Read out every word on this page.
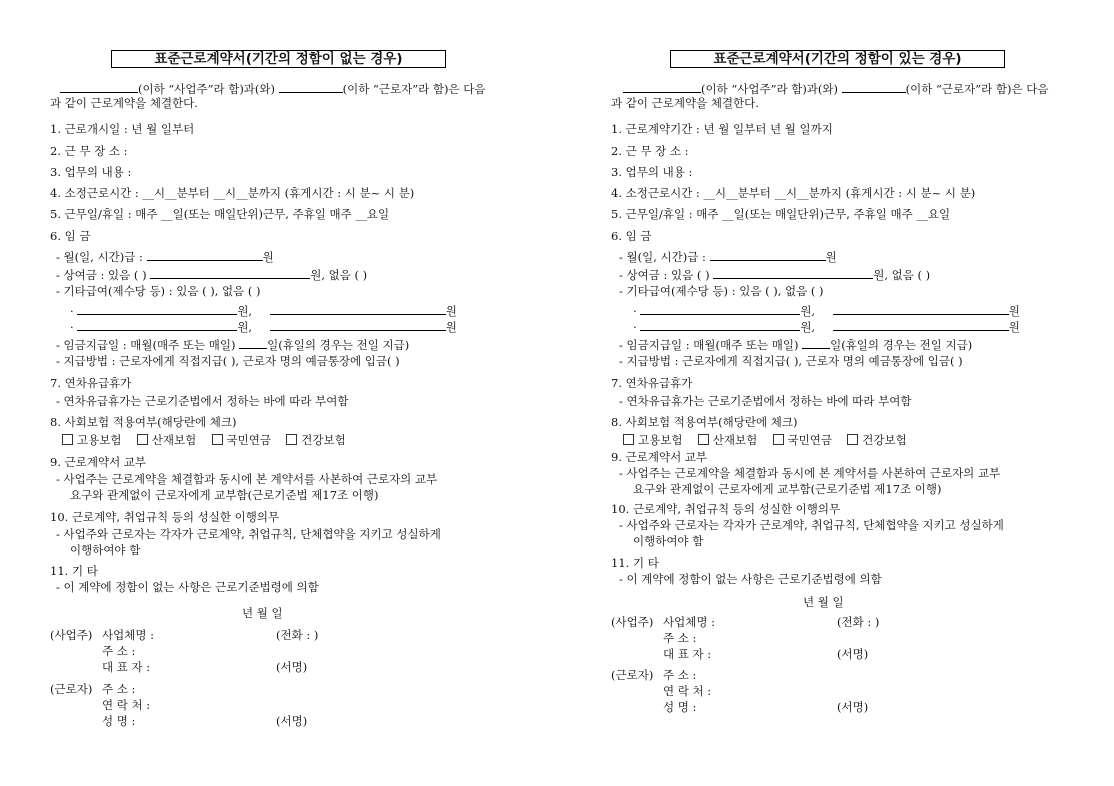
표준근로계약서(기간의 정함이 없는 경우)
(이하 “사업주”라 함)과(와)	(이하 “근로자”라 함)은 다음
과 같이 근로계약을 체결한다.
1. 근로개시일 : 년 월 일부터
2. 근 무 장 소 :
3. 업무의 내용 :
4. 소정근로시간 : __시__분부터 __시__분까지 (휴게시간 : 시 분~ 시 분)
5. 근무일/휴일 : 매주 __일(또는 매일단위)근무, 주휴일 매주 __요일
6. 임 금
- 월(일, 시간)급 :	원
- 상여금 : 있음 ( )	원, 없음 ( )
- 기타급여(제수당 등) : 있음 ( ), 없음 ( )
·	원,	원
·	원,	원
- 임금지급일 : 매월(매주 또는 매일)	일(휴일의 경우는 전일 지급)
- 지급방법 : 근로자에게 직접지급( ), 근로자 명의 예금통장에 입금( )
7. 연차유급휴가
- 연차유급휴가는 근로기준법에서 정하는 바에 따라 부여함
8. 사회보험 적용여부(해당란에 체크)
고용보험	산재보험	국민연금	건강보험
9. 근로계약서 교부
- 사업주는 근로계약을 체결함과 동시에 본 계약서를 사본하여 근로자의 교부
요구와 관계없이 근로자에게 교부함(근로기준법 제17조 이행)
10. 근로계약, 취업규칙 등의 성실한 이행의무
- 사업주와 근로자는 각자가 근로계약, 취업규칙, 단체협약을 지키고 성실하게
이행하여야 함
11. 기 타
- 이 계약에 정함이 없는 사항은 근로기준법령에 의함
년 월 일
(사업주) 사업체명 :	(전화 : )
주 소 :
대 표 자 :	(서명)
(근로자) 주 소 :
연 락 처 :
성 명 :	(서명)
표준근로계약서(기간의 정함이 있는 경우)
(이하 “사업주”라 함)과(와)	(이하 “근로자”라 함)은 다음
과 같이 근로계약을 체결한다.
1. 근로계약기간 : 년 월 일부터 년 월 일까지
2. 근 무 장 소 :
3. 업무의 내용 :
4. 소정근로시간 : __시__분부터 __시__분까지 (휴게시간 : 시 분~ 시 분)
5. 근무일/휴일 : 매주 __일(또는 매일단위)근무, 주휴일 매주 __요일
6. 임 금
- 월(일, 시간)급 :	원
- 상여금 : 있음 ( )	원, 없음 ( )
- 기타급여(제수당 등) : 있음 ( ), 없음 ( )
·	원,	원
·	원,	원
- 임금지급일 : 매월(매주 또는 매일)	일(휴일의 경우는 전일 지급)
- 지급방법 : 근로자에게 직접지급( ), 근로자 명의 예금통장에 입금( )
7. 연차유급휴가
- 연차유급휴가는 근로기준법에서 정하는 바에 따라 부여함
8. 사회보험 적용여부(해당란에 체크)
고용보험	산재보험	국민연금	건강보험
9. 근로계약서 교부
- 사업주는 근로계약을 체결함과 동시에 본 계약서를 사본하여 근로자의 교부
요구와 관계없이 근로자에게 교부함(근로기준법 제17조 이행)
10. 근로계약, 취업규칙 등의 성실한 이행의무
- 사업주와 근로자는 각자가 근로계약, 취업규칙, 단체협약을 지키고 성실하게
이행하여야 함
11. 기 타
- 이 계약에 정함이 없는 사항은 근로기준법령에 의함
년 월 일
(사업주) 사업체명 :	(전화 : )
주 소 :
대 표 자 :	(서명)
(근로자) 주 소 :
연 락 처 :
성 명 :	(서명)
